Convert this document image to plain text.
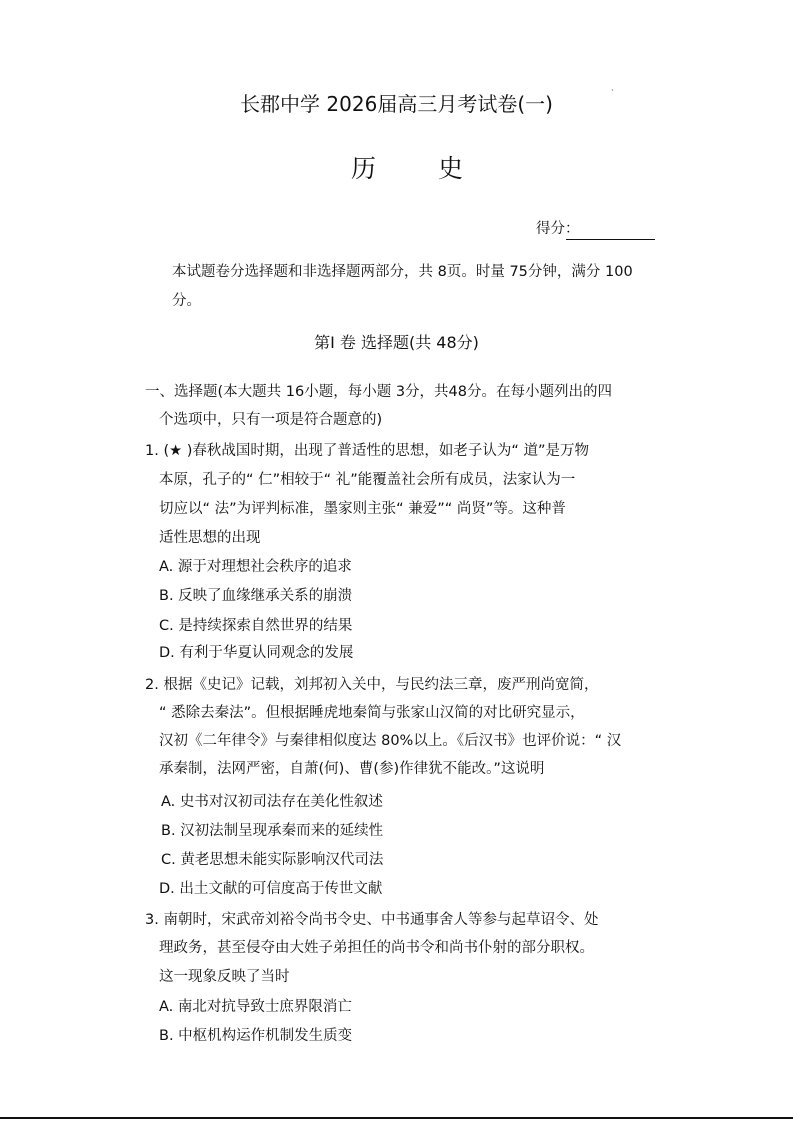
长郡中学 2026届高三月考试卷(一)
·
历 史
得分：
本试题卷分选择题和非选择题两部分，共 8页。时量 75分钟，满分 100
分。
第Ⅰ 卷 选择题(共 48分)
一、选择题(本大题共 16小题，每小题 3分，共48分。在每小题列出的四
个选项中，只有一项是符合题意的)
1. (★ )春秋战国时期，出现了普适性的思想，如老子认为“ 道”是万物
本原，孔子的“ 仁”相较于“ 礼”能覆盖社会所有成员，法家认为一
切应以“ 法”为评判标准，墨家则主张“ 兼爱”“ 尚贤”等。这种普
适性思想的出现
A. 源于对理想社会秩序的追求
B. 反映了血缘继承关系的崩溃
C. 是持续探索自然世界的结果
D. 有利于华夏认同观念的发展
2. 根据《史记》记载，刘邦初入关中，与民约法三章，废严刑尚宽简，
“ 悉除去秦法”。但根据睡虎地秦简与张家山汉简的对比研究显示，
汉初《二年律令》与秦律相似度达 80%以上。《后汉书》也评价说：“ 汉
承秦制，法网严密，自萧(何)、曹(参)作律犹不能改。”这说明
A. 史书对汉初司法存在美化性叙述
B. 汉初法制呈现承秦而来的延续性
C. 黄老思想未能实际影响汉代司法
D. 出土文献的可信度高于传世文献
3. 南朝时，宋武帝刘裕令尚书令史、中书通事舍人等参与起草诏令、处
理政务，甚至侵夺由大姓子弟担任的尚书令和尚书仆射的部分职权。
这一现象反映了当时
A. 南北对抗导致士庶界限消亡
B. 中枢机构运作机制发生质变
